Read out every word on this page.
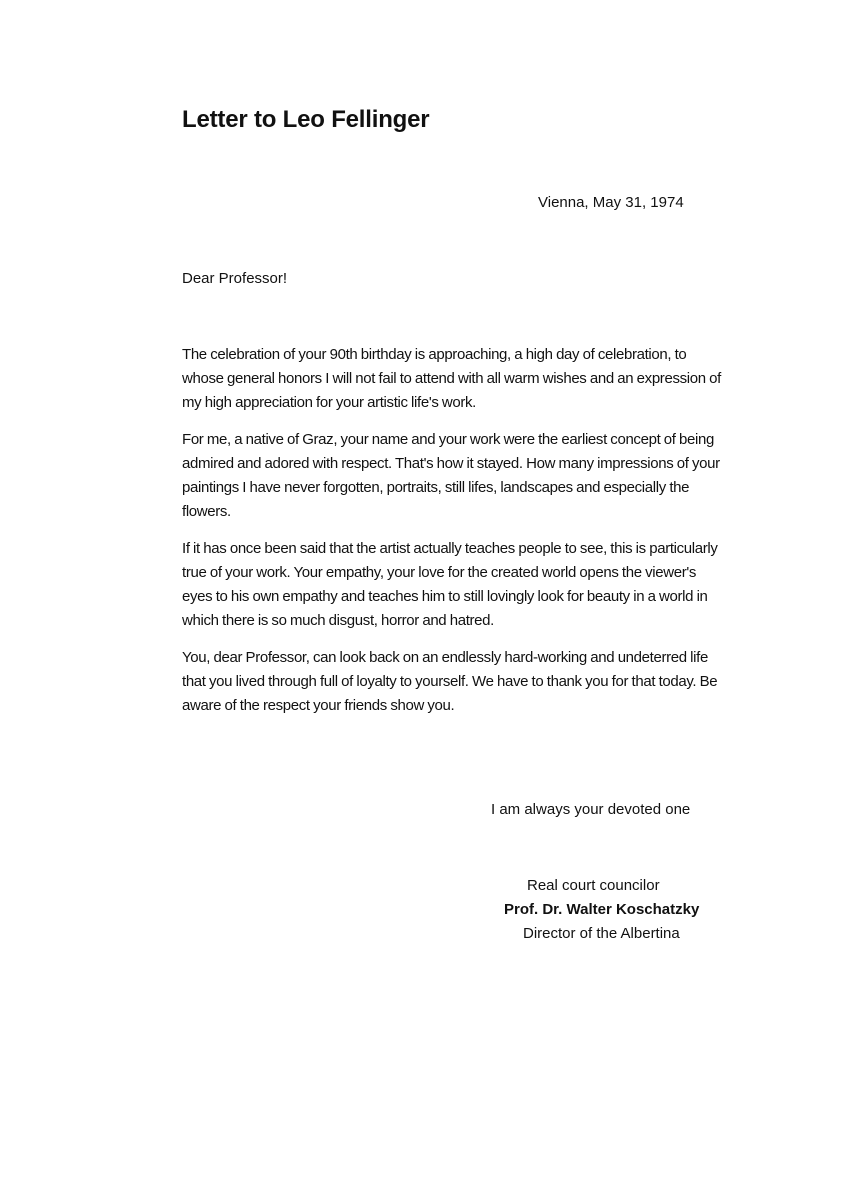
Letter to Leo Fellinger
Vienna, May 31, 1974
Dear Professor!

The celebration of your 90th birthday is approaching, a high day of celebration, to whose general honors I will not fail to attend with all warm wishes and an expression of my high appreciation for your artistic life's work.

For me, a native of Graz, your name and your work were the earliest concept of being admired and adored with respect. That's how it stayed. How many impressions of your paintings I have never forgotten, portraits, still lifes, landscapes and especially the flowers.

If it has once been said that the artist actually teaches people to see, this is particularly true of your work. Your empathy, your love for the created world opens the viewer's eyes to his own empathy and teaches him to still lovingly look for beauty in a world in which there is so much disgust, horror and hatred.

You, dear Professor, can look back on an endlessly hard-working and undeterred life that you lived through full of loyalty to yourself. We have to thank you for that today. Be aware of the respect your friends show you.

I am always your devoted one
Real court councilor
Prof. Dr. Walter Koschatzky
Director of the Albertina
